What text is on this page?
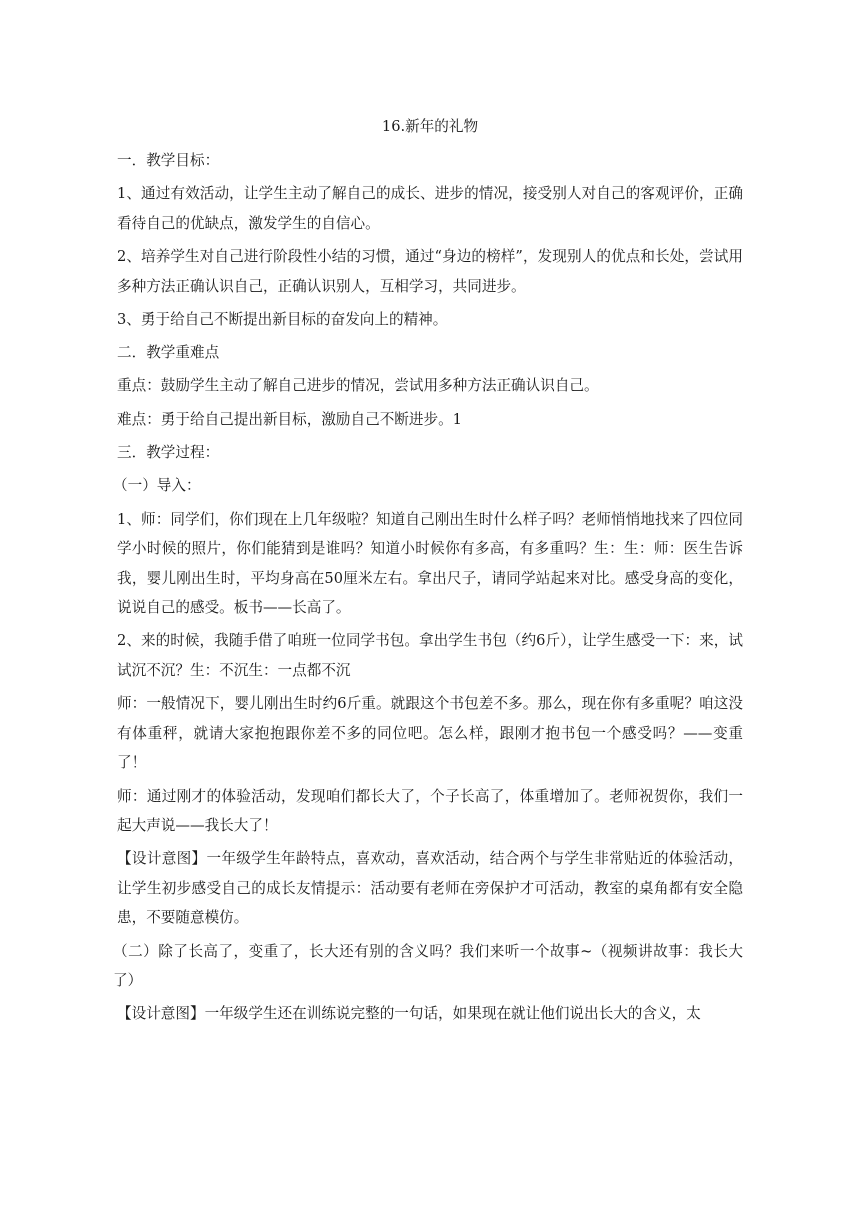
16.新年的礼物

一．教学目标：

1、通过有效活动，让学生主动了解自己的成长、进步的情况，接受别人对自己的客观评价，正确看待自己的优缺点，激发学生的自信心。

2、培养学生对自己进行阶段性小结的习惯，通过“身边的榜样”，发现别人的优点和长处，尝试用多种方法正确认识自己，正确认识别人，互相学习，共同进步。

3、勇于给自己不断提出新目标的奋发向上的精神。

二．教学重难点

重点：鼓励学生主动了解自己进步的情况，尝试用多种方法正确认识自己。

难点：勇于给自己提出新目标，激励自己不断进步。1

三．教学过程：

（一）导入：

1、师：同学们，你们现在上几年级啦？知道自己刚出生时什么样子吗？老师悄悄地找来了四位同学小时候的照片，你们能猜到是谁吗？知道小时候你有多高，有多重吗？生：生：师：医生告诉我，婴儿刚出生时，平均身高在50厘米左右。拿出尺子，请同学站起来对比。感受身高的变化，说说自己的感受。板书——长高了。

2、来的时候，我随手借了咱班一位同学书包。拿出学生书包（约6斤），让学生感受一下：来，试试沉不沉？生：不沉生：一点都不沉

师：一般情况下，婴儿刚出生时约6斤重。就跟这个书包差不多。那么，现在你有多重呢？咱这没有体重秤，就请大家抱抱跟你差不多的同位吧。怎么样，跟刚才抱书包一个感受吗？——变重了！

师：通过刚才的体验活动，发现咱们都长大了，个子长高了，体重增加了。老师祝贺你，我们一起大声说——我长大了！

【设计意图】一年级学生年龄特点，喜欢动，喜欢活动，结合两个与学生非常贴近的体验活动，让学生初步感受自己的成长友情提示：活动要有老师在旁保护才可活动，教室的桌角都有安全隐患，不要随意模仿。

（二）除了长高了，变重了，长大还有别的含义吗？我们来听一个故事~（视频讲故事：我长大了）

【设计意图】一年级学生还在训练说完整的一句话，如果现在就让他们说出长大的含义，太
